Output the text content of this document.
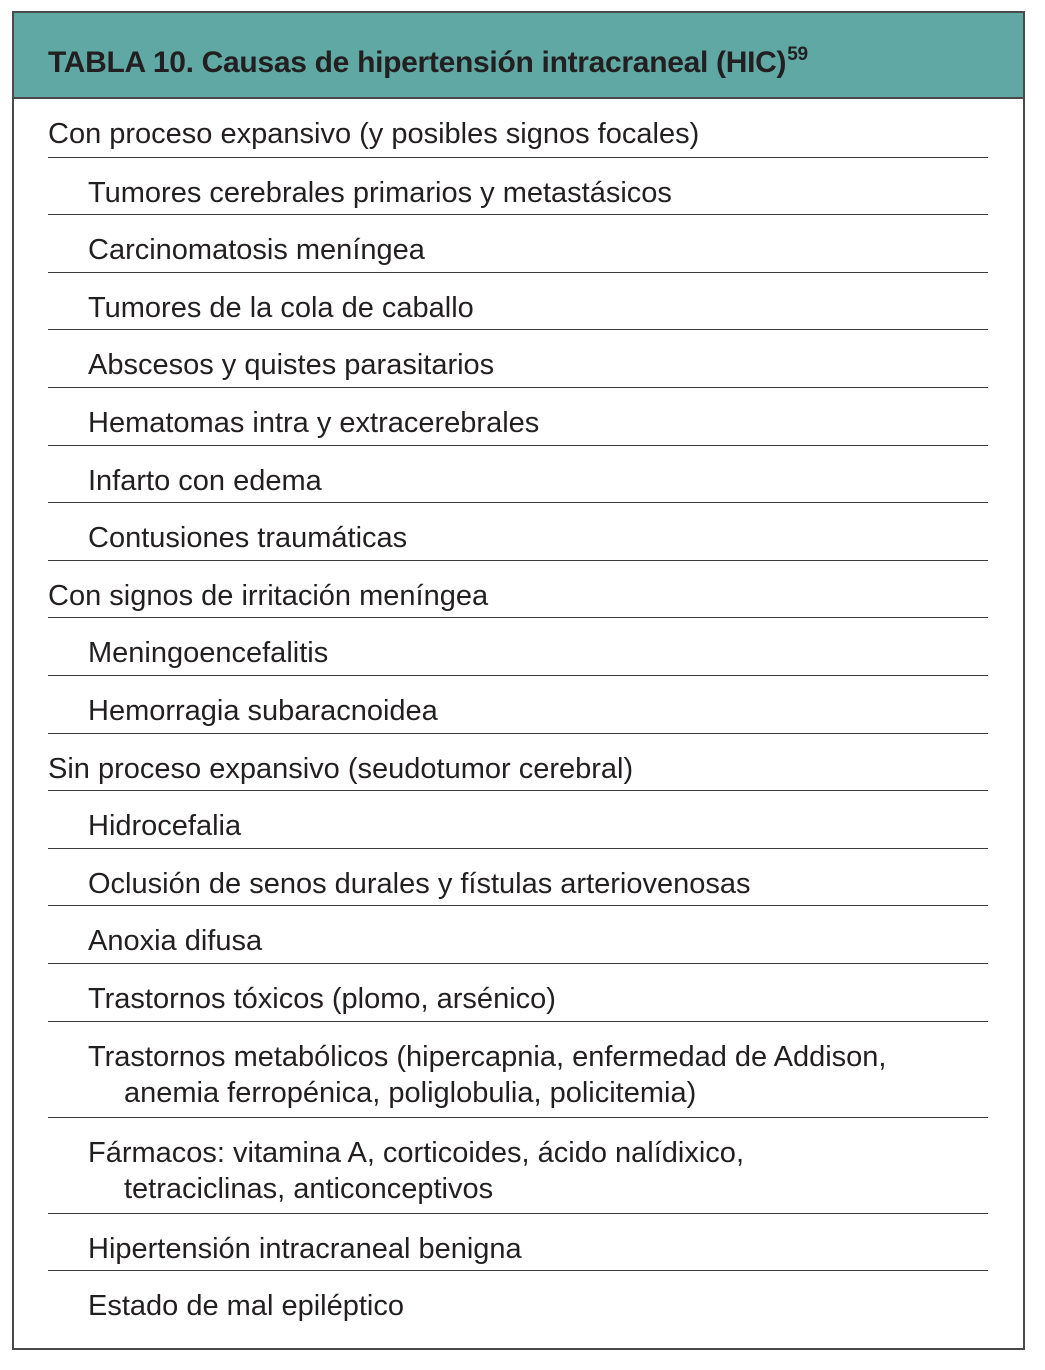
TABLA 10. Causas de hipertensión intracraneal (HIC)$^{59}$
Con proceso expansivo (y posibles signos focales)
Tumores cerebrales primarios y metastásicos
Carcinomatosis meníngea
Tumores de la cola de caballo
Abscesos y quistes parasitarios
Hematomas intra y extracerebrales
Infarto con edema
Contusiones traumáticas
Con signos de irritación meníngea
Meningoencefalitis
Hemorragia subaracnoidea
Sin proceso expansivo (seudotumor cerebral)
Hidrocefalia
Oclusión de senos durales y fístulas arteriovenosas
Anoxia difusa
Trastornos tóxicos (plomo, arsénico)
Trastornos metabólicos (hipercapnia, enfermedad de Addison,
anemia ferropénica, poliglobulia, policitemia)
Fármacos: vitamina A, corticoides, ácido nalídixico,
tetraciclinas, anticonceptivos
Hipertensión intracraneal benigna
Estado de mal epiléptico
